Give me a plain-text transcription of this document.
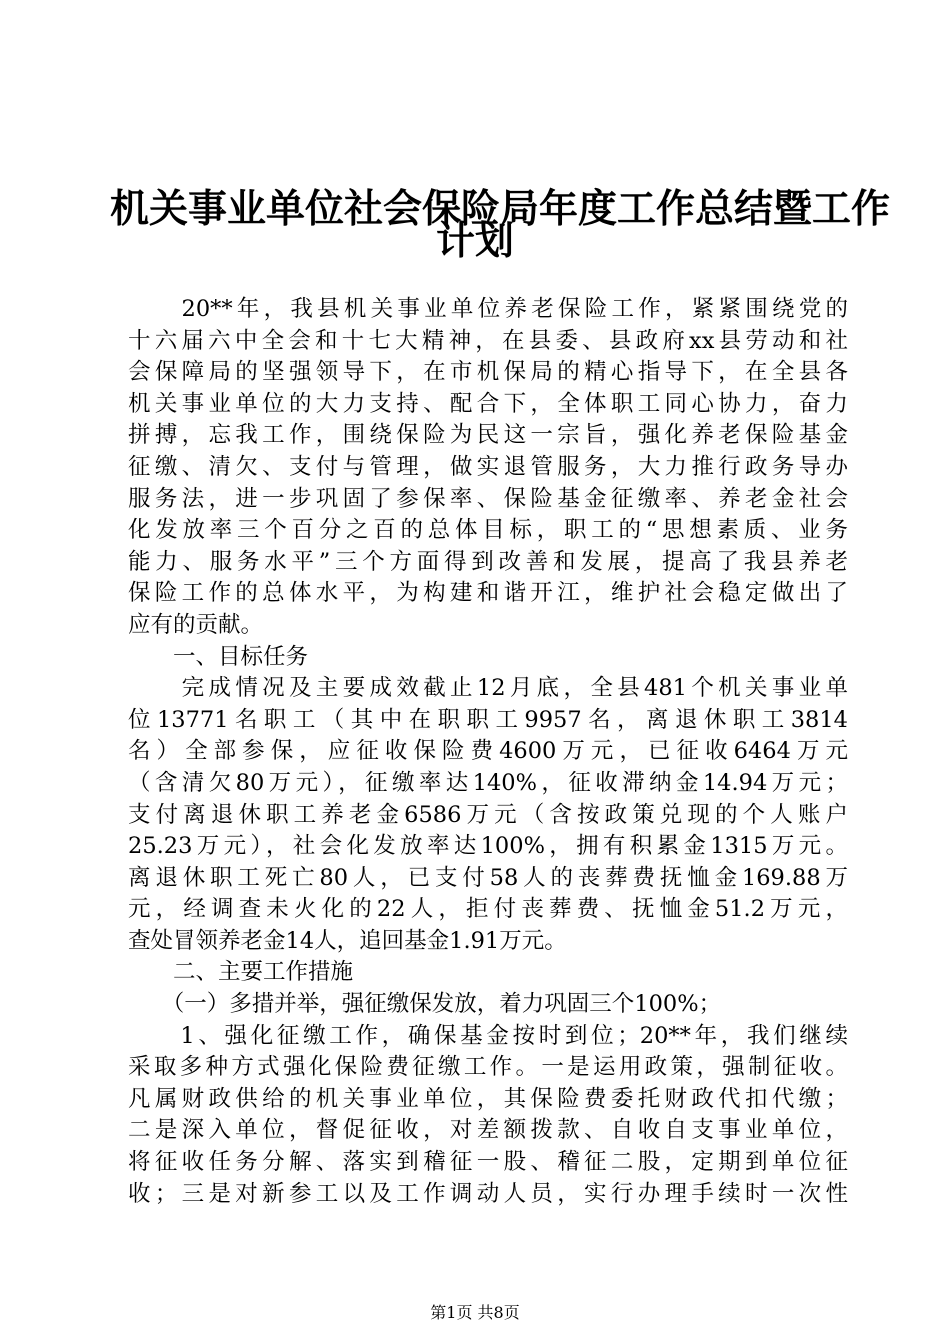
机关事业单位社会保险局年度工作总结暨工作
计划
　　20**年，我县机关事业单位养老保险工作，紧紧围绕党的
十六届六中全会和十七大精神，在县委、县政府xx县劳动和社
会保障局的坚强领导下，在市机保局的精心指导下，在全县各
机关事业单位的大力支持、配合下，全体职工同心协力，奋力
拼搏，忘我工作，围绕保险为民这一宗旨，强化养老保险基金
征缴、清欠、支付与管理，做实退管服务，大力推行政务导办
服务法，进一步巩固了参保率、保险基金征缴率、养老金社会
化发放率三个百分之百的总体目标，职工的“思想素质、业务
能力、服务水平”三个方面得到改善和发展，提高了我县养老
保险工作的总体水平，为构建和谐开江，维护社会稳定做出了
应有的贡献。
　　一、目标任务
　　完成情况及主要成效截止12月底，全县481个机关事业单
位13771名职工（其中在职职工9957名，离退休职工3814
名）全部参保，应征收保险费4600万元，已征收6464万元
（含清欠80万元），征缴率达140%，征收滞纳金14.94万元；
支付离退休职工养老金6586万元（含按政策兑现的个人账户
25.23万元），社会化发放率达100%，拥有积累金1315万元。
离退休职工死亡80人，已支付58人的丧葬费抚恤金169.88万
元，经调查未火化的22人，拒付丧葬费、抚恤金51.2万元，
查处冒领养老金14人，追回基金1.91万元。
　　二、主要工作措施
　　（一）多措并举，强征缴保发放，着力巩固三个100%；
　　1、强化征缴工作，确保基金按时到位；20**年，我们继续
采取多种方式强化保险费征缴工作。一是运用政策，强制征收。
凡属财政供给的机关事业单位，其保险费委托财政代扣代缴；
二是深入单位，督促征收，对差额拨款、自收自支事业单位，
将征收任务分解、落实到稽征一股、稽征二股，定期到单位征
收；三是对新参工以及工作调动人员，实行办理手续时一次性
第1页 共8页
